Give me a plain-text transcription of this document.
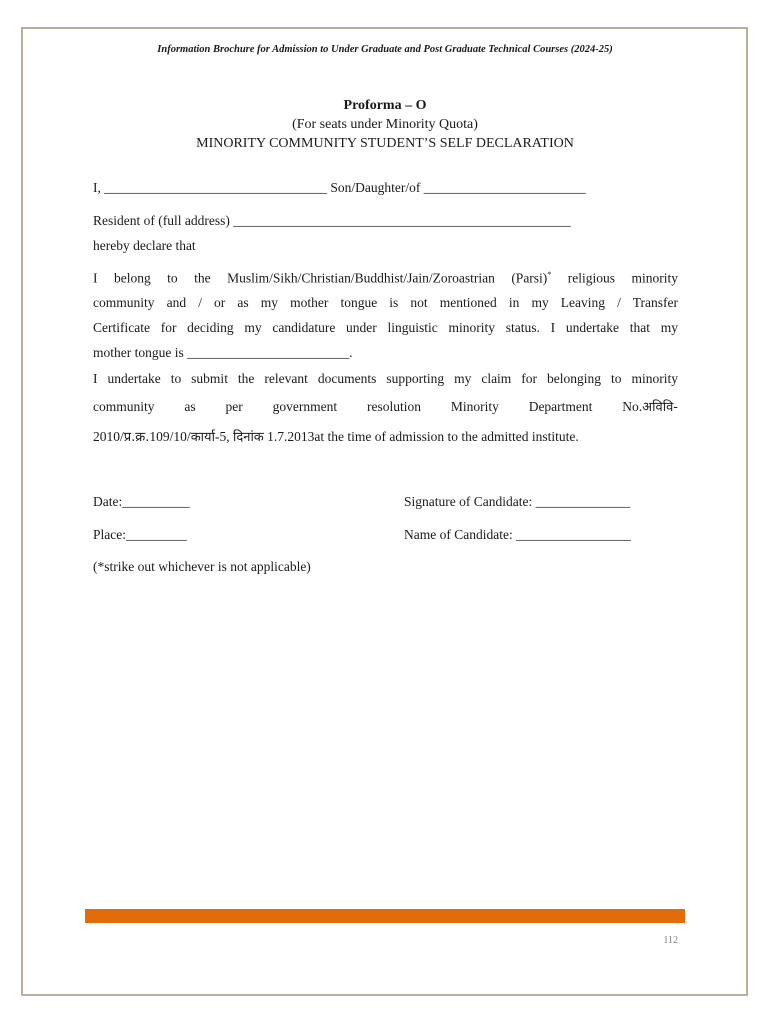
Information Brochure for Admission to Under Graduate and Post Graduate Technical Courses (2024-25)
Proforma – O
(For seats under Minority Quota)
MINORITY COMMUNITY STUDENT’S SELF DECLARATION
I, _________________________________ Son/Daughter/of ________________________
Resident of (full address) __________________________________________________
hereby declare that
I belong to the Muslim/Sikh/Christian/Buddhist/Jain/Zoroastrian (Parsi)* religious minority
community and / or as my mother tongue is not mentioned in my Leaving / Transfer
Certificate for deciding my candidature under linguistic minority status. I undertake that my
mother tongue is ________________________.
I undertake to submit the relevant documents supporting my claim for belonging to minority
community as per government resolution Minority Department No.अविवि-
2010/प्र.क्र.109/10/कार्या-5, दिनांक 1.7.2013at the time of admission to the admitted institute.
Date:__________	Signature of Candidate: ______________
Place:_________	Name of Candidate: _________________
(*strike out whichever is not applicable)
112
